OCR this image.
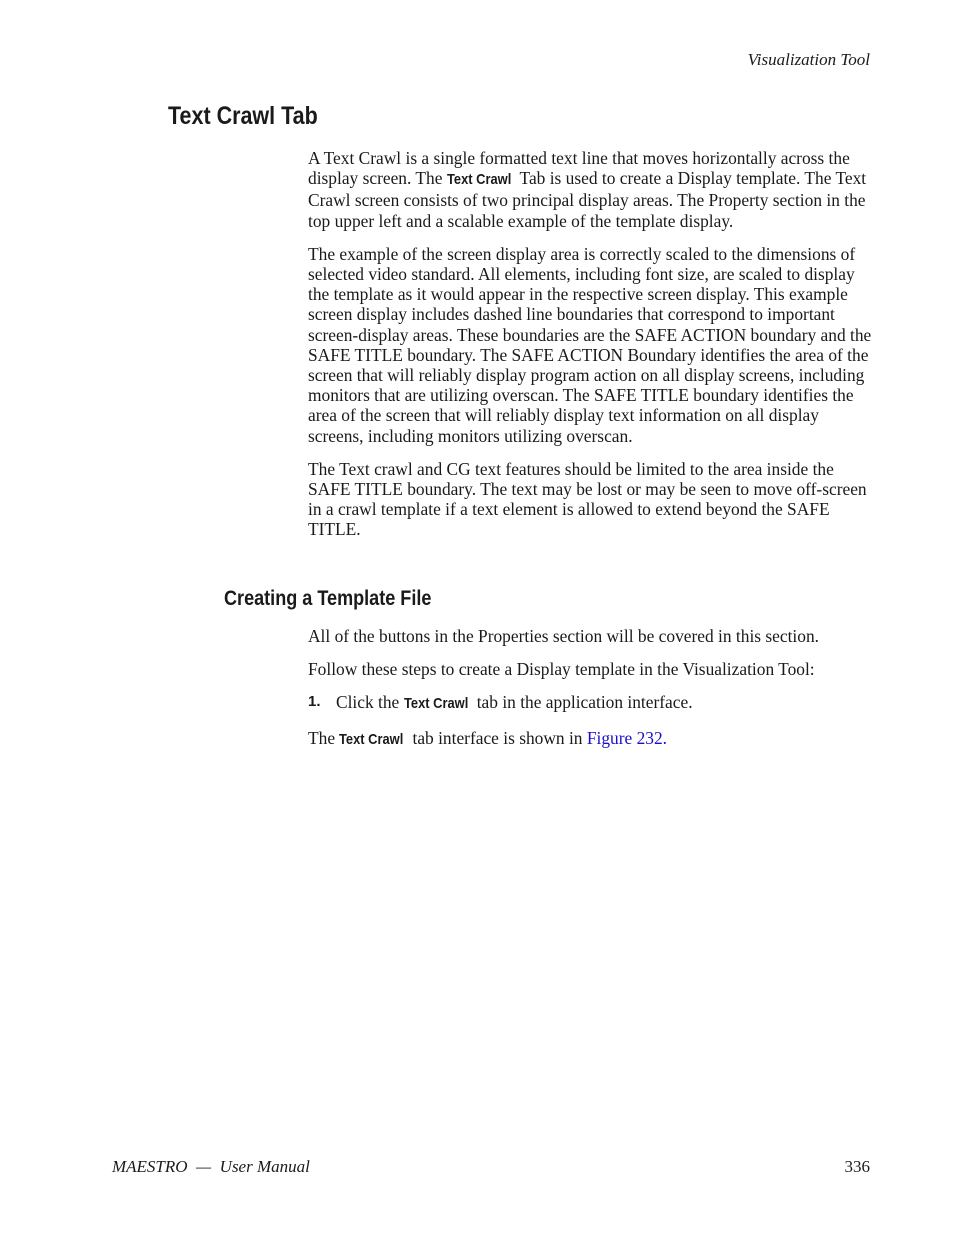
Visualization Tool
Text Crawl Tab

A Text Crawl is a single formatted text line that moves horizontally across the display screen. The Text Crawl Tab is used to create a Display template. The Text Crawl screen consists of two principal display areas. The Property section in the top upper left and a scalable example of the template display.

The example of the screen display area is correctly scaled to the dimensions of selected video standard. All elements, including font size, are scaled to display the template as it would appear in the respective screen display. This example screen display includes dashed line boundaries that correspond to important screen-display areas. These boundaries are the SAFE ACTION boundary and the SAFE TITLE boundary. The SAFE ACTION Boundary identifies the area of the screen that will reliably display program action on all display screens, including monitors that are utilizing overscan. The SAFE TITLE boundary identifies the area of the screen that will reliably display text information on all display screens, including monitors utilizing overscan.

The Text crawl and CG text features should be limited to the area inside the SAFE TITLE boundary. The text may be lost or may be seen to move off-screen in a crawl template if a text element is allowed to extend beyond the SAFE TITLE.

Creating a Template File

All of the buttons in the Properties section will be covered in this section.

Follow these steps to create a Display template in the Visualization Tool:

1. Click the Text Crawl tab in the application interface.

The Text Crawl tab interface is shown in Figure 232.

MAESTRO  —  User Manual	336
